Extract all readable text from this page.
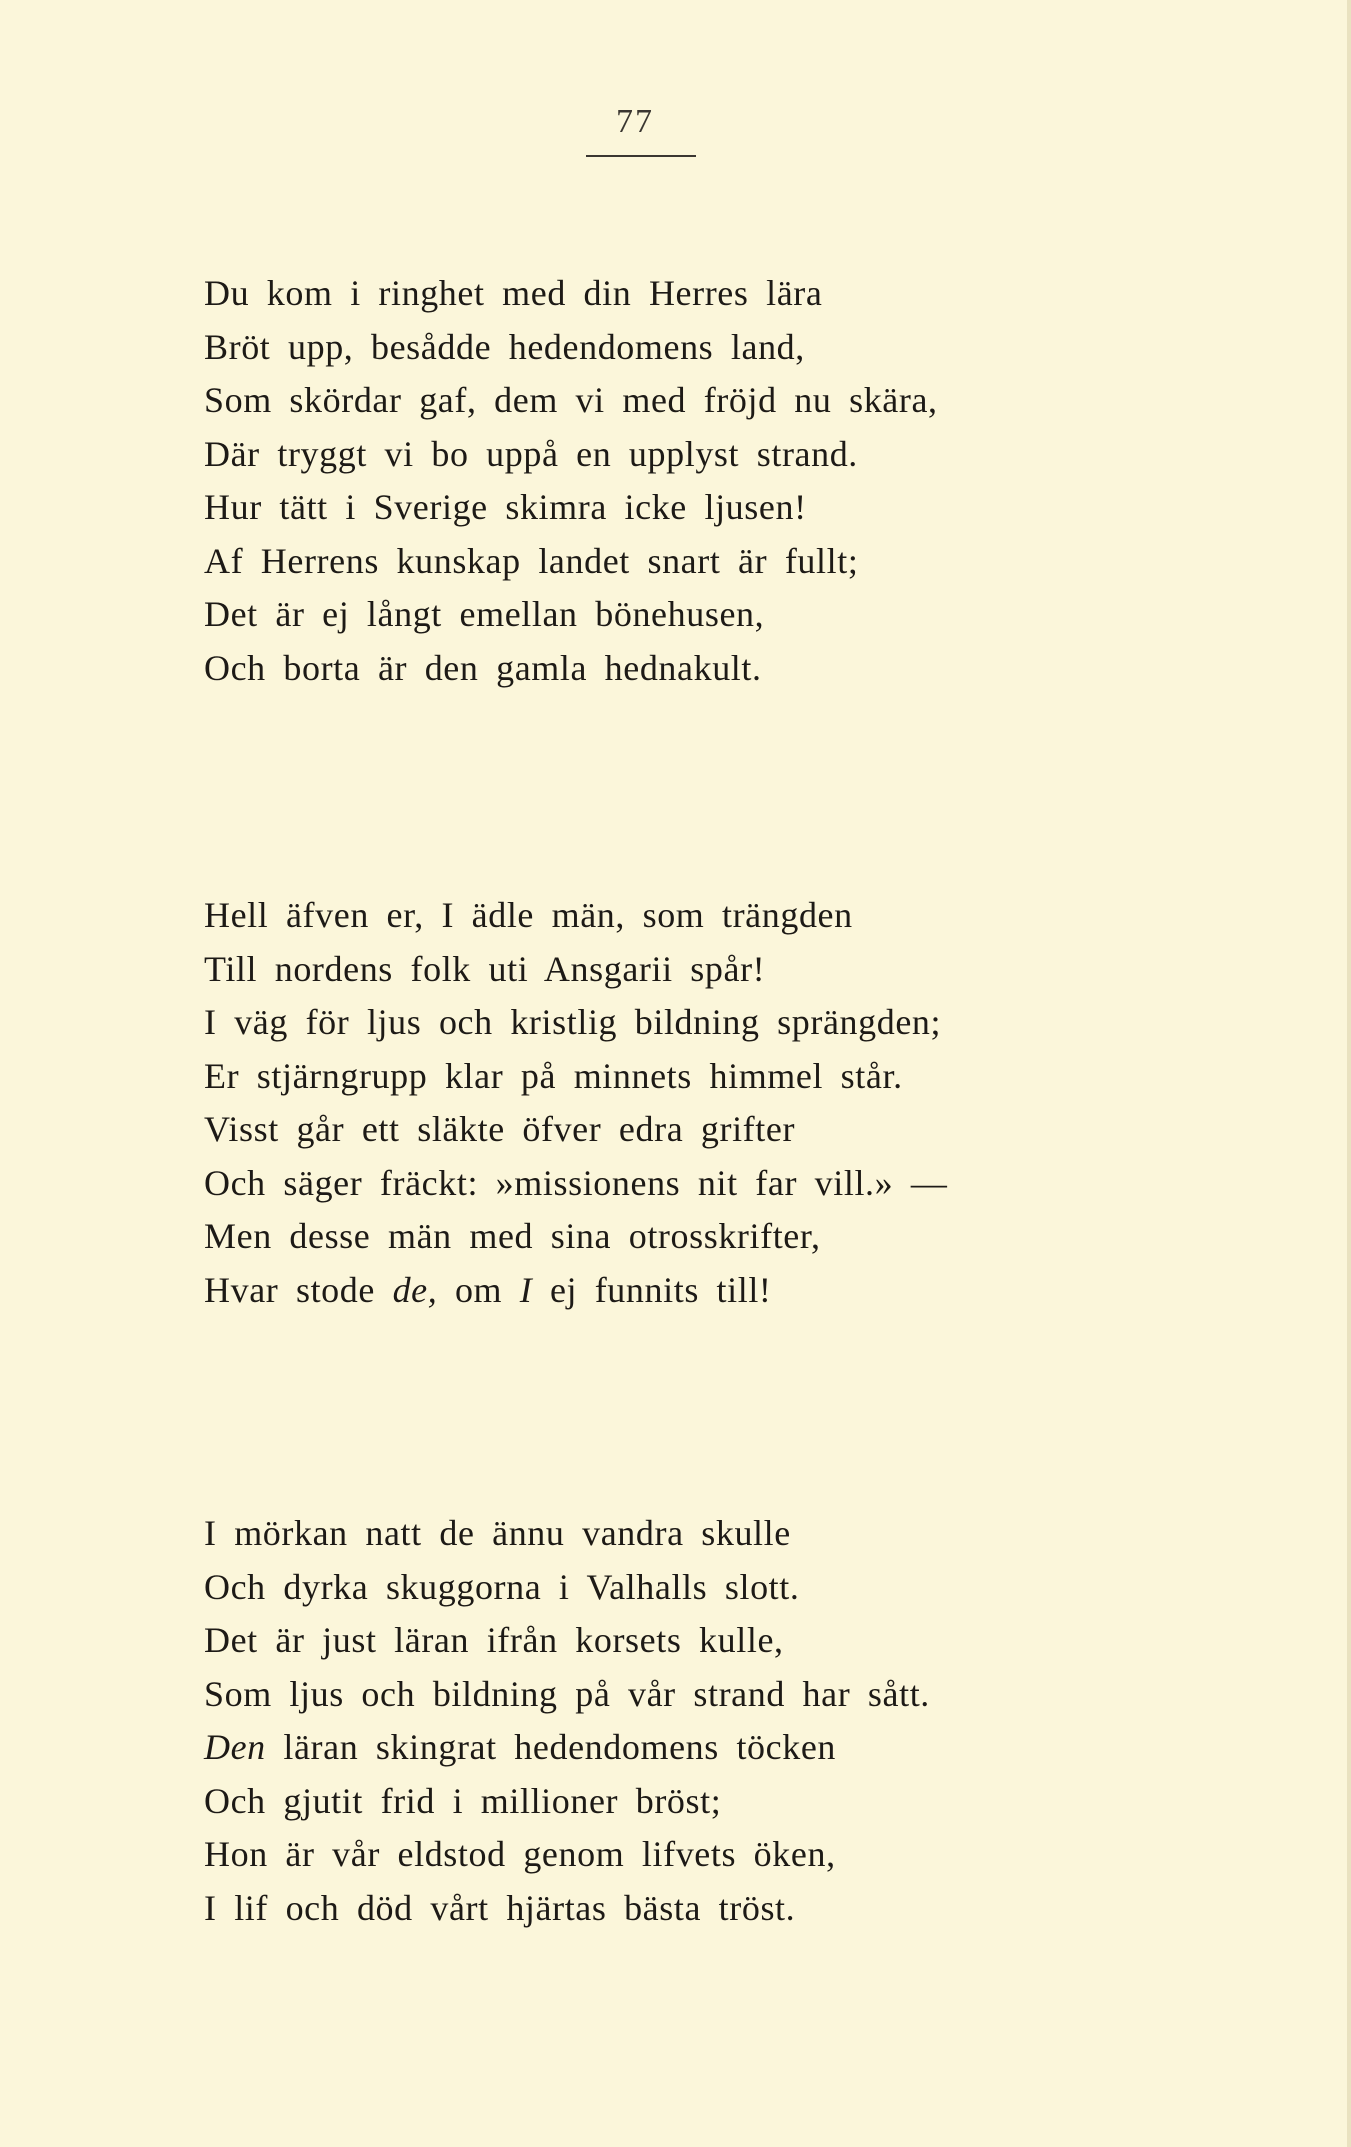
77
Du kom i ringhet med din Herres lära
Bröt upp, besådde hedendomens land,
Som skördar gaf, dem vi med fröjd nu skära,
Där tryggt vi bo uppå en upplyst strand.
Hur tätt i Sverige skimra icke ljusen!
Af Herrens kunskap landet snart är fullt;
Det är ej långt emellan bönehusen,
Och borta är den gamla hednakult.
Hell äfven er, I ädle män, som trängden
Till nordens folk uti Ansgarii spår!
I väg för ljus och kristlig bildning sprängden;
Er stjärngrupp klar på minnets himmel står.
Visst går ett släkte öfver edra grifter
Och säger fräckt: »missionens nit far vill.» —
Men desse män med sina otrosskrifter,
Hvar stode de, om I ej funnits till!
I mörkan natt de ännu vandra skulle
Och dyrka skuggorna i Valhalls slott.
Det är just läran ifrån korsets kulle,
Som ljus och bildning på vår strand har sått.
Den läran skingrat hedendomens töcken
Och gjutit frid i millioner bröst;
Hon är vår eldstod genom lifvets öken,
I lif och död vårt hjärtas bästa tröst.
